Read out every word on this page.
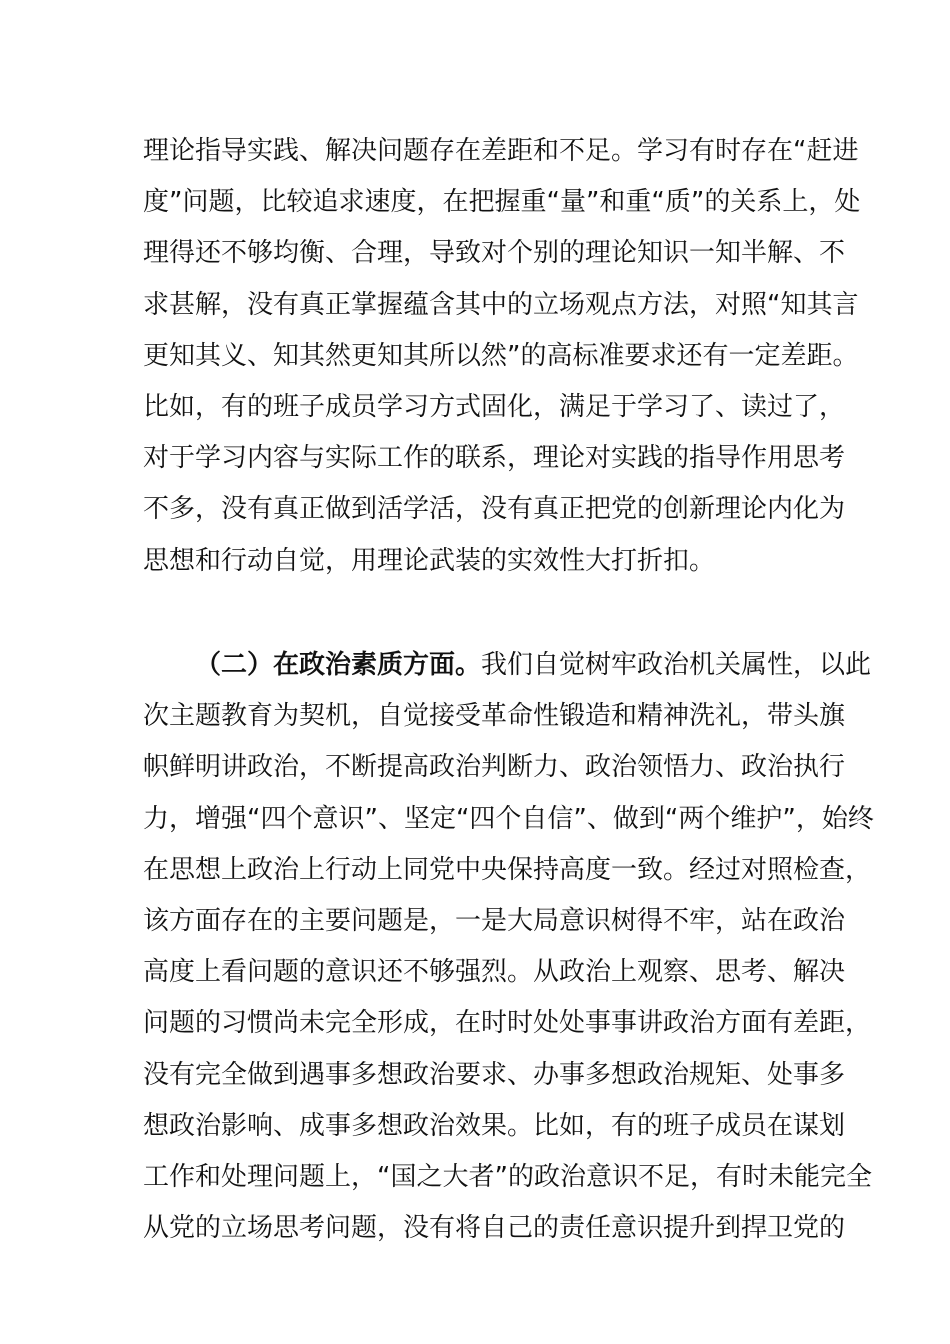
理论指导实践、解决问题存在差距和不足。学习有时存在“赶进
度”问题，比较追求速度，在把握重“量”和重“质”的关系上，处
理得还不够均衡、合理，导致对个别的理论知识一知半解、不
求甚解，没有真正掌握蕴含其中的立场观点方法，对照“知其言
更知其义、知其然更知其所以然”的高标准要求还有一定差距。
比如，有的班子成员学习方式固化，满足于学习了、读过了，
对于学习内容与实际工作的联系，理论对实践的指导作用思考
不多，没有真正做到活学活，没有真正把党的创新理论内化为
思想和行动自觉，用理论武装的实效性大打折扣。
（二）在政治素质方面。我们自觉树牢政治机关属性，以此
次主题教育为契机，自觉接受革命性锻造和精神洗礼，带头旗
帜鲜明讲政治，不断提高政治判断力、政治领悟力、政治执行
力，增强“四个意识”、坚定“四个自信”、做到“两个维护”，始终
在思想上政治上行动上同党中央保持高度一致。经过对照检查，
该方面存在的主要问题是，一是大局意识树得不牢，站在政治
高度上看问题的意识还不够强烈。从政治上观察、思考、解决
问题的习惯尚未完全形成，在时时处处事事讲政治方面有差距，
没有完全做到遇事多想政治要求、办事多想政治规矩、处事多
想政治影响、成事多想政治效果。比如，有的班子成员在谋划
工作和处理问题上，“国之大者”的政治意识不足，有时未能完全
从党的立场思考问题，没有将自己的责任意识提升到捍卫党的
